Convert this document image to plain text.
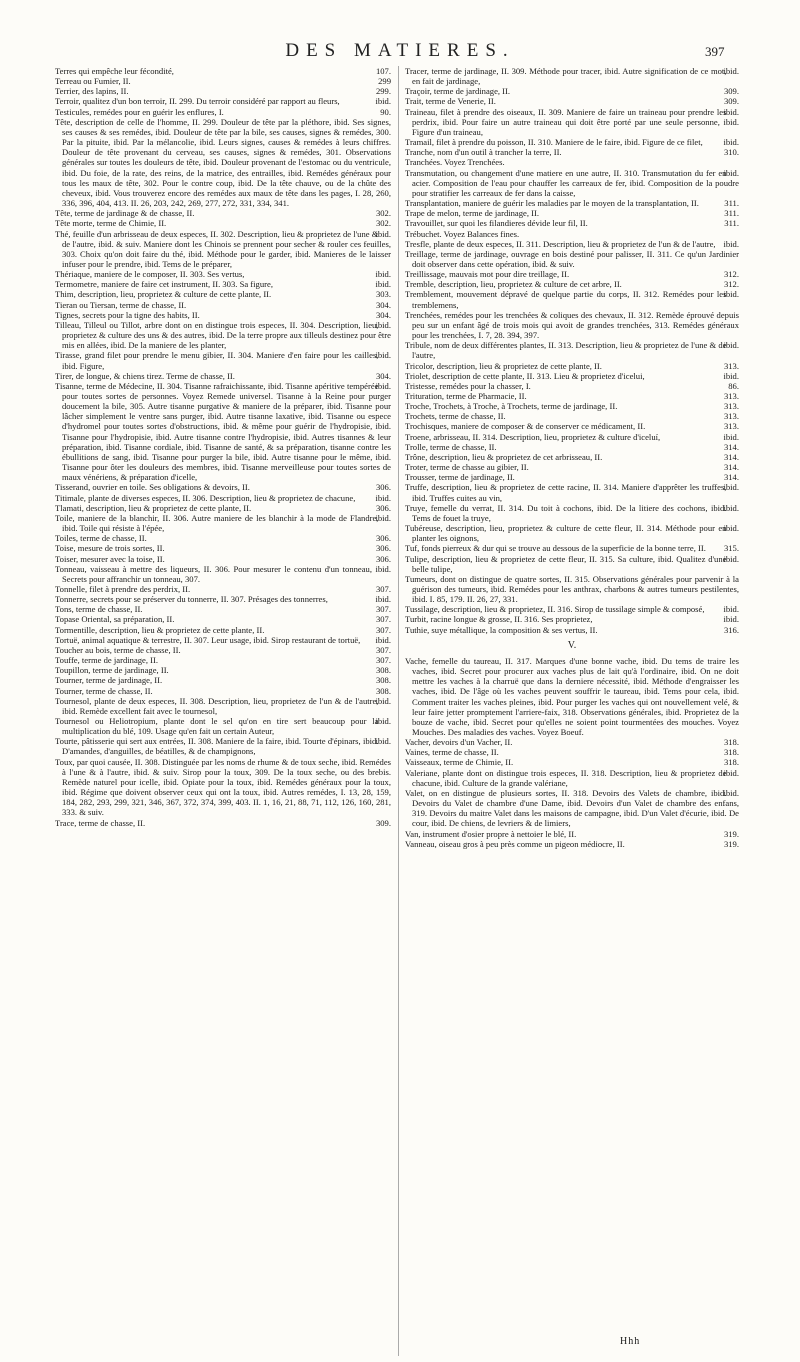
DES MATIERES.	397

107.
Terres qui empêche leur fécondité,

299
Terreau ou Fumier, II.

299.
Terrier, des lapins, II.

ibid.
Terroir, qualitez d'un bon terroir, II. 299. Du terroir considéré par rapport au fleurs,

90.
Testicules, remédes pour en guérir les enflures, I.

Tête, description de celle de l'homme, II. 299. Douleur de tête par la pléthore, ibid. Ses signes, ses causes & ses remédes, ibid. Douleur de tête par la bile, ses causes, signes & remédes, 300. Par la pituite, ibid. Par la mélancolie, ibid. Leurs signes, causes & remédes à leurs chiffres. Douleur de tête provenant du cerveau, ses causes, signes & remédes, 301. Observations générales sur toutes les douleurs de tête, ibid. Douleur provenant de l'estomac ou du ventricule, ibid. Du foie, de la rate, des reins, de la matrice, des entrailles, ibid. Remédes généraux pour tous les maux de tête, 302. Pour le contre coup, ibid. De la tête chauve, ou de la chûte des cheveux, ibid. Vous trouverez encore des remédes aux maux de tête dans les pages, I. 28, 260, 336, 396, 404, 413. II. 26, 203, 242, 269, 277, 272, 331, 334, 341.

302.
Tête, terme de jardinage & de chasse, II.

302.
Tête morte, terme de Chimie, II.

ibid.
Thé, feuille d'un arbrisseau de deux especes, II. 302. Description, lieu & proprietez de l'une & de l'autre, ibid. & suiv. Maniere dont les Chinois se prennent pour secher & rouler ces feuilles, 303. Choix qu'on doit faire du thé, ibid. Méthode pour le garder, ibid. Manieres de le laisser infuser pour le prendre, ibid. Tems de le préparer,

ibid.
Thériaque, maniere de le composer, II. 303. Ses vertus,

ibid.
Termometre, maniere de faire cet instrument, II. 303. Sa figure,

303.
Thim, description, lieu, proprietez & culture de cette plante, II.

304.
Tieran ou Tiersan, terme de chasse, II.

304.
Tignes, secrets pour la tigne des habits, II.

ibid.
Tilleau, Tilleul ou Tillot, arbre dont on en distingue trois especes, II. 304. Description, lieu, proprietez & culture des uns & des autres, ibid. De la terre propre aux tilleuls destinez pour être mis en allées, ibid. De la maniere de les planter,

ibid.
Tirasse, grand filet pour prendre le menu gibier, II. 304. Maniere d'en faire pour les cailles, ibid. Figure,

304.
Tirer, de longue, & chiens tirez. Terme de chasse, II.

ibid.
Tisanne, terme de Médecine, II. 304. Tisanne rafraichissante, ibid. Tisanne apéritive tempérée pour toutes sortes de personnes. Voyez Remede universel. Tisanne à la Reine pour purger doucement la bile, 305. Autre tisanne purgative & maniere de la préparer, ibid. Tisanne pour lâcher simplement le ventre sans purger, ibid. Autre tisanne laxative, ibid. Tisanne ou espece d'hydromel pour toutes sortes d'obstructions, ibid. & même pour guérir de l'hydropisie, ibid. Tisanne pour l'hydropisie, ibid. Autre tisanne contre l'hydropisie, ibid. Autres tisannes & leur préparation, ibid. Tisanne cordiale, ibid. Tisanne de santé, & sa préparation, tisanne contre les ébullitions de sang, ibid. Tisanne pour purger la bile, ibid. Autre tisanne pour le même, ibid. Tisanne pour ôter les douleurs des membres, ibid. Tisanne merveilleuse pour toutes sortes de maux vénériens, & préparation d'icelle,

306.
Tisserand, ouvrier en toile. Ses obligations & devoirs, II.

ibid.
Titimale, plante de diverses especes, II. 306. Description, lieu & proprietez de chacune,

306.
Tlamati, description, lieu & proprietez de cette plante, II.

ibid.
Toile, maniere de la blanchir, II. 306. Autre maniere de les blanchir à la mode de Flandre, ibid. Toile qui résiste à l'épée,

306.
Toiles, terme de chasse, II.

306.
Toise, mesure de trois sortes, II.

306.
Toiser, mesurer avec la toise, II.

Tonneau, vaisseau à mettre des liqueurs, II. 306. Pour mesurer le contenu d'un tonneau, ibid. Secrets pour affranchir un tonneau, 307.

307.
Tonnelle, filet à prendre des perdrix, II.

ibid.
Tonnerre, secrets pour se préserver du tonnerre, II. 307. Présages des tonnerres,

307.
Tons, terme de chasse, II.

307.
Topase Oriental, sa préparation, II.

307.
Tormentille, description, lieu & proprietez de cette plante, II.

ibid.
Tortuë, animal aquatique & terrestre, II. 307. Leur usage, ibid. Sirop restaurant de tortuë,

307.
Toucher au bois, terme de chasse, II.

307.
Touffe, terme de jardinage, II.

308.
Toupillon, terme de jardinage, II.

308.
Tourner, terme de jardinage, II.

308.
Tourner, terme de chasse, II.

ibid.
Tournesol, plante de deux especes, II. 308. Description, lieu, proprietez de l'un & de l'autre, ibid. Remède excellent fait avec le tournesol,

ibid.
Tournesol ou Heliotropium, plante dont le sel qu'on en tire sert beaucoup pour la multiplication du blé, 109. Usage qu'en fait un certain Auteur,

ibid.
Tourte, pâtisserie qui sert aux entrées, II. 308. Maniere de la faire, ibid. Tourte d'épinars, ibid. D'amandes, d'anguilles, de béatilles, & de champignons,

Toux, par quoi causée, II. 308. Distinguée par les noms de rhume & de toux seche, ibid. Remédes à l'une & à l'autre, ibid. & suiv. Sirop pour la toux, 309. De la toux seche, ou des brebis. Remède naturel pour icelle, ibid. Opiate pour la toux, ibid. Remédes généraux pour la toux, ibid. Régime que doivent observer ceux qui ont la toux, ibid. Autres remédes, I. 13, 28, 159, 184, 282, 293, 299, 321, 346, 367, 372, 374, 399, 403. II. 1, 16, 21, 88, 71, 112, 126, 160, 281, 333. & suiv.

309.
Trace, terme de chasse, II.

ibid.
Tracer, terme de jardinage, II. 309. Méthode pour tracer, ibid. Autre signification de ce mot, en fait de jardinage,

309.
Traçoir, terme de jardinage, II.

309.
Trait, terme de Venerie, II.

ibid.
Traineau, filet à prendre des oiseaux, II. 309. Maniere de faire un traineau pour prendre les perdrix, ibid. Pour faire un autre traineau qui doit être porté par une seule personne, ibid. Figure d'un traineau,

ibid.
Tramail, filet à prendre du poisson, II. 310. Maniere de le faire, ibid. Figure de ce filet,

310.
Tranche, nom d'un outil à trancher la terre, II.

Tranchées. Voyez Trenchées.

ibid.
Transmutation, ou changement d'une matiere en une autre, II. 310. Transmutation du fer en acier. Composition de l'eau pour chauffer les carreaux de fer, ibid. Composition de la poudre pour stratifier les carreaux de fer dans la caisse,

311.
Transplantation, maniere de guérir les maladies par le moyen de la transplantation, II.

311.
Trape de melon, terme de jardinage, II.

311.
Travouillet, sur quoi les filandieres dévide leur fil, II.

Trébuchet. Voyez Balances fines.

ibid.
Tresfle, plante de deux especes, II. 311. Description, lieu & proprietez de l'un & de l'autre,

Treillage, terme de jardinage, ouvrage en bois destiné pour palisser, II. 311. Ce qu'un Jardinier doit observer dans cette opération, ibid. & suiv.

312.
Treillissage, mauvais mot pour dire treillage, II.

312.
Tremble, description, lieu, proprietez & culture de cet arbre, II.

ibid.
Tremblement, mouvement dépravé de quelque partie du corps, II. 312. Remédes pour les tremblemens,

Trenchées, remédes pour les trenchées & coliques des chevaux, II. 312. Remède éprouvé depuis peu sur un enfant âgé de trois mois qui avoit de grandes trenchées, 313. Remédes généraux pour les trenchées, I. 7, 28. 394, 397.

ibid.
Tribule, nom de deux différentes plantes, II. 313. Description, lieu & proprietez de l'une & de l'autre,

313.
Tricolor, description, lieu & proprietez de cette plante, II.

ibid.
Triolet, description de cette plante, II. 313. Lieu & proprietez d'icelui,

86.
Tristesse, remédes pour la chasser, I.

313.
Trituration, terme de Pharmacie, II.

313.
Troche, Trochets, à Troche, à Trochets, terme de jardinage, II.

313.
Trochets, terme de chasse, II.

313.
Trochisques, maniere de composer & de conserver ce médicament, II.

ibid.
Troene, arbrisseau, II. 314. Description, lieu, proprietez & culture d'iceluí,

314.
Trolle, terme de chasse, II.

314.
Trône, description, lieu & proprietez de cet arbrisseau, II.

314.
Troter, terme de chasse au gibier, II.

314.
Trousser, terme de jardinage, II.

ibid.
Truffe, description, lieu & proprietez de cette racine, II. 314. Maniere d'apprêter les truffes, ibid. Truffes cuites au vin,

ibid.
Truye, femelle du verrat, II. 314. Du toit à cochons, ibid. De la litiere des cochons, ibid. Tems de fouet la truye,

ibid.
Tubéreuse, description, lieu, proprietez & culture de cette fleur, II. 314. Méthode pour en planter les oignons,

315.
Tuf, fonds pierreux & dur qui se trouve au dessous de la superficie de la bonne terre, II.

ibid.
Tulipe, description, lieu & proprietez de cette fleur, II. 315. Sa culture, ibid. Qualitez d'une belle tulipe,

Tumeurs, dont on distingue de quatre sortes, II. 315. Observations générales pour parvenir à la guérison des tumeurs, ibid. Remédes pour les anthrax, charbons & autres tumeurs pestilentes, ibid. I. 85, 179. II. 26, 27, 331.

ibid.
Tussilage, description, lieu & proprietez, II. 316. Sirop de tussilage simple & composé,

ibid.
Turbit, racine longue & grosse, II. 316. Ses proprietez,

316.
Tuthie, suye métallique, la composition & ses vertus, II.

V.

Vache, femelle du taureau, II. 317. Marques d'une bonne vache, ibid. Du tems de traire les vaches, ibid. Secret pour procurer aux vaches plus de lait qu'à l'ordinaire, ibid. On ne doit mettre les vaches à la charruë que dans la derniere nécessité, ibid. Méthode d'engraisser les vaches, ibid. De l'âge où les vaches peuvent souffrir le taureau, ibid. Tems pour cela, ibid. Comment traiter les vaches pleines, ibid. Pour purger les vaches qui ont nouvellement velé, & leur faire jetter promptement l'arriere-faix, 318. Observations générales, ibid. Proprietez de la bouze de vache, ibid. Secret pour qu'elles ne soient point tourmentées des mouches. Voyez Mouches. Des maladies des vaches. Voyez Boeuf.

318.
Vacher, devoirs d'un Vacher, II.

318.
Vaines, terme de chasse, II.

318.
Vaisseaux, terme de Chimie, II.

ibid.
Valeriane, plante dont on distingue trois especes, II. 318. Description, lieu & proprietez de chacune, ibid. Culture de la grande valériane,

ibid.
Valet, on en distingue de plusieurs sortes, II. 318. Devoirs des Valets de chambre, ibid. Devoirs du Valet de chambre d'une Dame, ibid. Devoirs d'un Valet de chambre des enfans, 319. Devoirs du maitre Valet dans les maisons de campagne, ibid. D'un Valet d'écurie, ibid. De cour, ibid. De chiens, de levriers & de limiers,

319.
Van, instrument d'osier propre à nettoier le blé, II.

319.
Vanneau, oiseau gros à peu près comme un pigeon médiocre, II.

Hhh
